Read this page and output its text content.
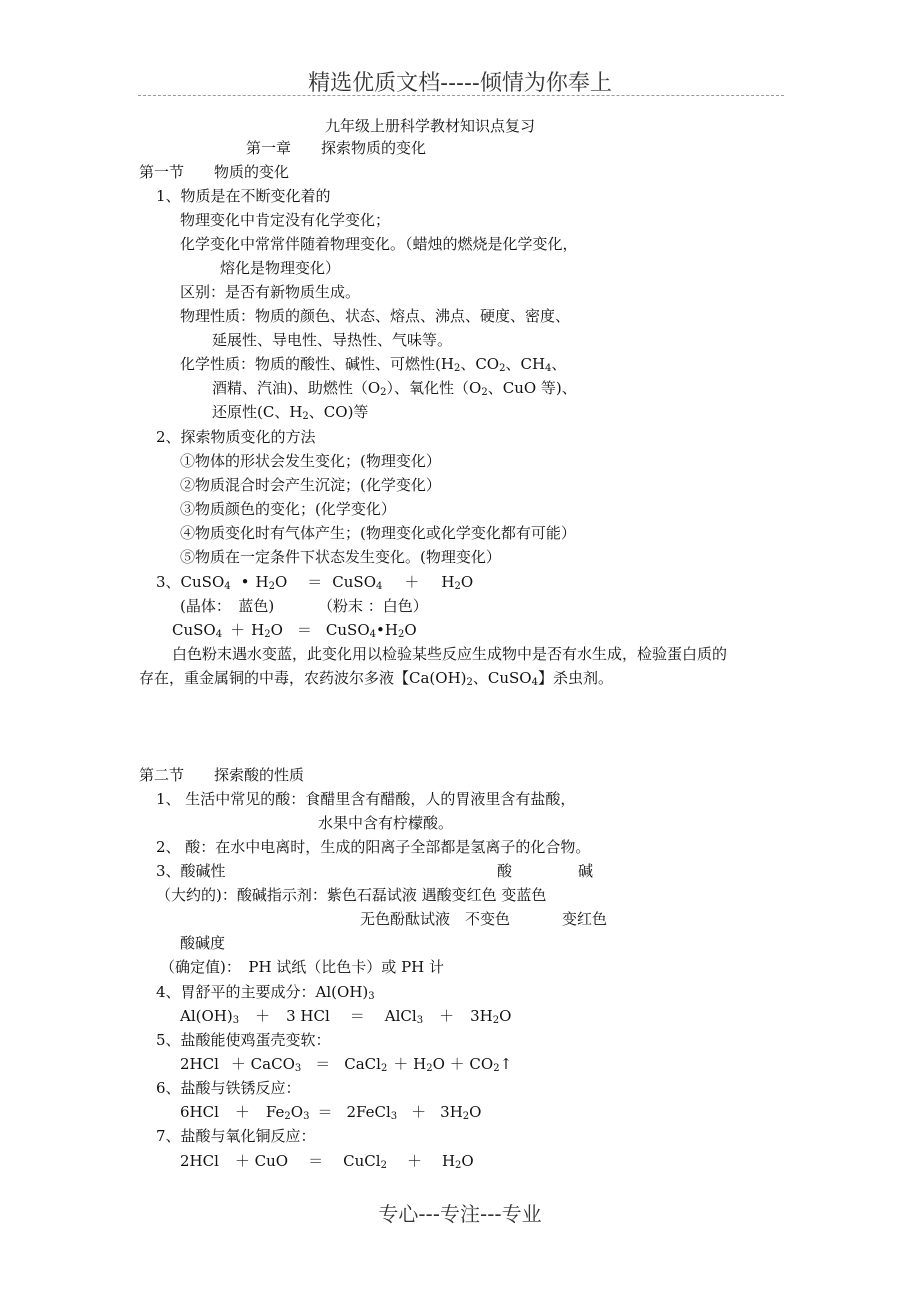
精选优质文档-----倾情为你奉上
九年级上册科学教材知识点复习
第一章　　探索物质的变化
第一节　　物质的变化
1、物质是在不断变化着的
物理变化中肯定没有化学变化；
化学变化中常常伴随着物理变化。（蜡烛的燃烧是化学变化，
熔化是物理变化）
区别：是否有新物质生成。
物理性质：物质的颜色、状态、熔点、沸点、硬度、密度、
延展性、导电性、导热性、气味等。
化学性质：物质的酸性、碱性、可燃性($H_2$、$CO_2$、$CH_4$、
酒精、汽油)、助燃性$(O_2)$、氧化性（$O_2$、CuO 等)、
还原性(C、$H_2$、CO)等
2、探索物质变化的方法
①物体的形状会发生变化；(物理变化）
②物质混合时会产生沉淀；(化学变化）
③物质颜色的变化；(化学变化）
④物质变化时有气体产生；(物理变化或化学变化都有可能）
⑤物质在一定条件下状态发生变化。(物理变化）
3、CuSO$_4$ • $H_2O$ ＝ CuSO$_4$ ＋ $H_2O$
(晶体：　蓝色)	（粉末 ：白色）
CuSO$_4$ ＋ $H_2O$ ＝ $CuSO_4•H_2O$
白色粉末遇水变蓝，此变化用以检验某些反应生成物中是否有水生成，检验蛋白质的
存在，重金属铜的中毒，农药波尔多液【$Ca(OH)_2$、CuSO$_4$】杀虫剂。
第二节　　探索酸的性质
1、 生活中常见的酸：食醋里含有醋酸，人的胃液里含有盐酸，
水果中含有柠檬酸。
2、 酸：在水中电离时，生成的阳离子全部都是氢离子的化合物。
3、酸碱性	酸	碱
（大约的)：酸碱指示剂：紫色石磊试液 遇酸变红色 变蓝色
无色酚酞试液　不变色	变红色
酸碱度
（确定值)：　PH 试纸（比色卡）或 PH 计
4、胃舒平的主要成分：$Al(OH)_3$
$Al(OH)_3 + 3$ HCl ＝ AlCl$_3$ ＋ $3H_2O$
5、盐酸能使鸡蛋壳变软：
2HCl ＋ CaCO$_3$ ＝ CaCl$_2$ ＋ $H_2O$ ＋ $CO_2↑$
6、盐酸与铁锈反应：
$6HCl + Fe_2O_3$ ＝ 2FeCl$_3$ ＋ $3H_2O$
7、盐酸与氧化铜反应：
2HCl ＋ CuO ＝ CuCl$_2$ ＋ $H_2O$
专心---专注---专业
